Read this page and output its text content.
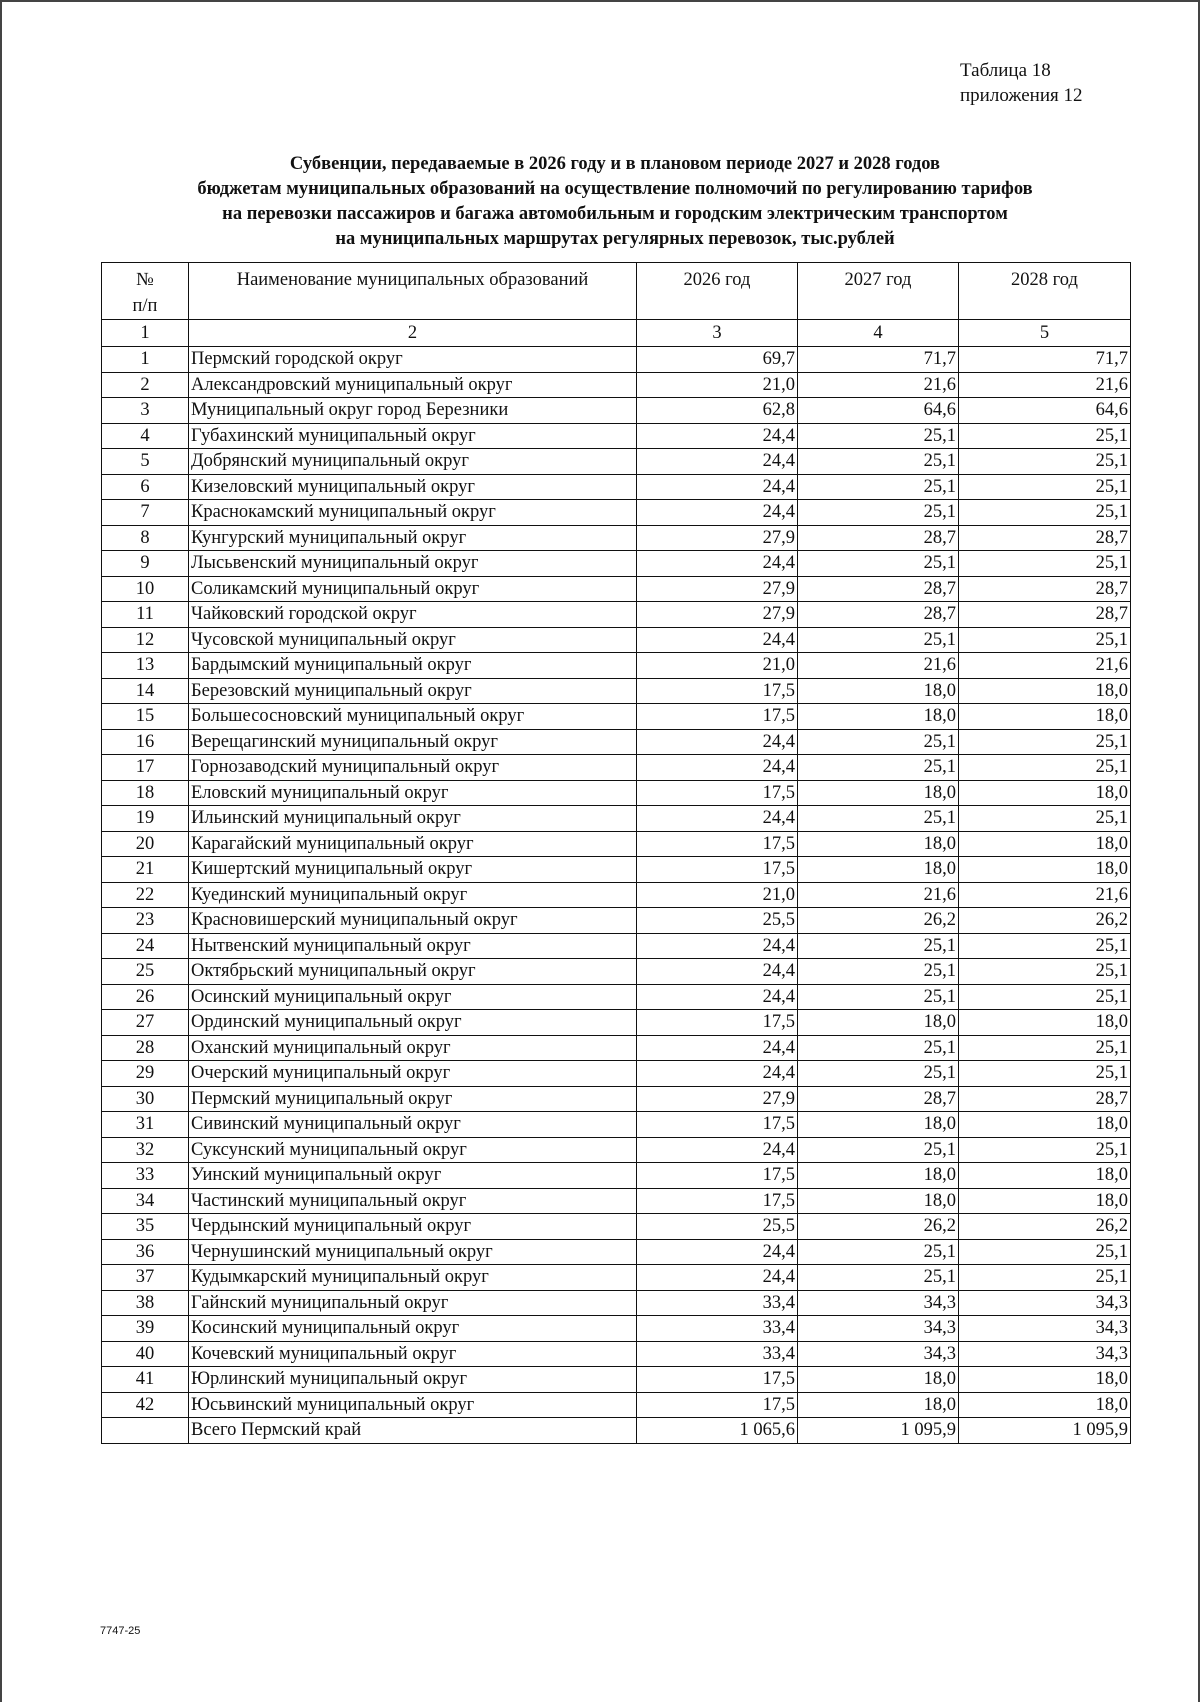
Таблица 18
приложения 12
Субвенции, передаваемые в 2026 году и в плановом периоде 2027 и 2028 годов
бюджетам муниципальных образований на осуществление полномочий по регулированию тарифов
на перевозки пассажиров и багажа автомобильным и городским электрическим транспортом
на муниципальных маршрутах регулярных перевозок, тыс.рублей
№
п/п	Наименование муниципальных образований	2026 год	2027 год	2028 год
1	2	3	4	5
1	Пермский городской округ	69,7	71,7	71,7
2	Александровский муниципальный округ	21,0	21,6	21,6
3	Муниципальный округ город Березники	62,8	64,6	64,6
4	Губахинский муниципальный округ	24,4	25,1	25,1
5	Добрянский муниципальный округ	24,4	25,1	25,1
6	Кизеловский муниципальный округ	24,4	25,1	25,1
7	Краснокамский муниципальный округ	24,4	25,1	25,1
8	Кунгурский муниципальный округ	27,9	28,7	28,7
9	Лысьвенский муниципальный округ	24,4	25,1	25,1
10	Соликамский муниципальный округ	27,9	28,7	28,7
11	Чайковский городской округ	27,9	28,7	28,7
12	Чусовской муниципальный округ	24,4	25,1	25,1
13	Бардымский муниципальный округ	21,0	21,6	21,6
14	Березовский муниципальный округ	17,5	18,0	18,0
15	Большесосновский муниципальный округ	17,5	18,0	18,0
16	Верещагинский муниципальный округ	24,4	25,1	25,1
17	Горнозаводский муниципальный округ	24,4	25,1	25,1
18	Еловский муниципальный округ	17,5	18,0	18,0
19	Ильинский муниципальный округ	24,4	25,1	25,1
20	Карагайский муниципальный округ	17,5	18,0	18,0
21	Кишертский муниципальный округ	17,5	18,0	18,0
22	Куединский муниципальный округ	21,0	21,6	21,6
23	Красновишерский муниципальный округ	25,5	26,2	26,2
24	Нытвенский муниципальный округ	24,4	25,1	25,1
25	Октябрьский муниципальный округ	24,4	25,1	25,1
26	Осинский муниципальный округ	24,4	25,1	25,1
27	Ординский муниципальный округ	17,5	18,0	18,0
28	Оханский муниципальный округ	24,4	25,1	25,1
29	Очерский муниципальный округ	24,4	25,1	25,1
30	Пермский муниципальный округ	27,9	28,7	28,7
31	Сивинский муниципальный округ	17,5	18,0	18,0
32	Суксунский муниципальный округ	24,4	25,1	25,1
33	Уинский муниципальный округ	17,5	18,0	18,0
34	Частинский муниципальный округ	17,5	18,0	18,0
35	Чердынский муниципальный округ	25,5	26,2	26,2
36	Чернушинский муниципальный округ	24,4	25,1	25,1
37	Кудымкарский муниципальный округ	24,4	25,1	25,1
38	Гайнский муниципальный округ	33,4	34,3	34,3
39	Косинский муниципальный округ	33,4	34,3	34,3
40	Кочевский муниципальный округ	33,4	34,3	34,3
41	Юрлинский муниципальный округ	17,5	18,0	18,0
42	Юсьвинский муниципальный округ	17,5	18,0	18,0
	Всего Пермский край	1 065,6	1 095,9	1 095,9
7747-25
